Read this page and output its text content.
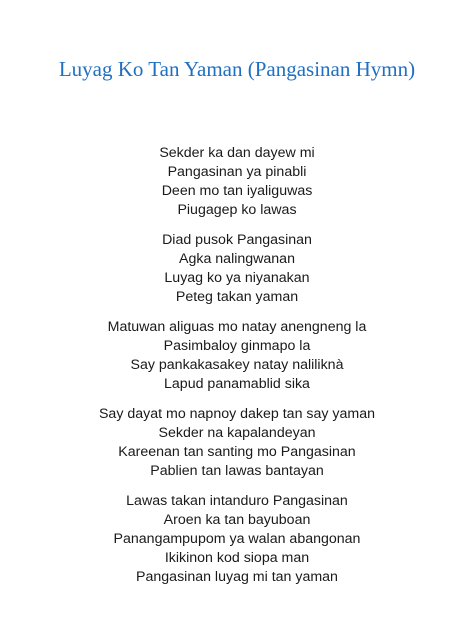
Luyag Ko Tan Yaman (Pangasinan Hymn)
Sekder ka dan dayew mi
Pangasinan ya pinabli
Deen mo tan iyaliguwas
Piugagep ko lawas
Diad pusok Pangasinan
Agka nalingwanan
Luyag ko ya niyanakan
Peteg takan yaman
Matuwan aliguas mo natay anengneng la
Pasimbaloy ginmapo la
Say pankakasakey natay naliliknà
Lapud panamablid sika
Say dayat mo napnoy dakep tan say yaman
Sekder na kapalandeyan
Kareenan tan santing mo Pangasinan
Pablien tan lawas bantayan
Lawas takan intanduro Pangasinan
Aroen ka tan bayuboan
Panangampupom ya walan abangonan
Ikikinon kod siopa man
Pangasinan luyag mi tan yaman
